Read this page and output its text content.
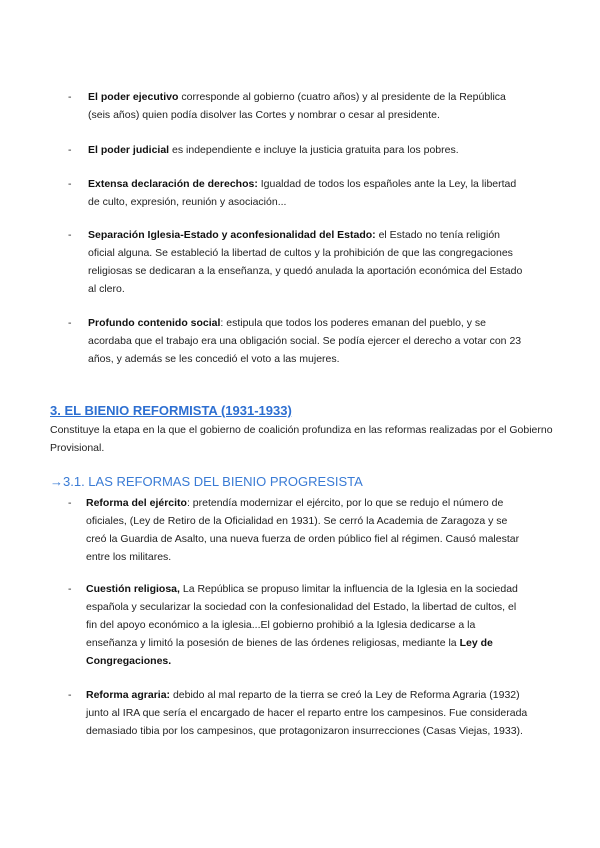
- El poder ejecutivo corresponde al gobierno (cuatro años) y al presidente de la República (seis años) quien podía disolver las Cortes y nombrar o cesar al presidente.
- El poder judicial es independiente e incluye la justicia gratuita para los pobres.
- Extensa declaración de derechos: Igualdad de todos los españoles ante la Ley, la libertad de culto, expresión, reunión y asociación...
- Separación Iglesia-Estado y aconfesionalidad del Estado: el Estado no tenía religión oficial alguna. Se estableció la libertad de cultos y la prohibición de que las congregaciones religiosas se dedicaran a la enseñanza, y quedó anulada la aportación económica del Estado al clero.
- Profundo contenido social: estipula que todos los poderes emanan del pueblo, y se acordaba que el trabajo era una obligación social. Se podía ejercer el derecho a votar con 23 años, y además se les concedió el voto a las mujeres.
3. EL BIENIO REFORMISTA (1931-1933)
Constituye la etapa en la que el gobierno de coalición profundiza en las reformas realizadas por el Gobierno Provisional.
→3.1. LAS REFORMAS DEL BIENIO PROGRESISTA
- Reforma del ejército: pretendía modernizar el ejército, por lo que se redujo el número de oficiales, (Ley de Retiro de la Oficialidad en 1931). Se cerró la Academia de Zaragoza y se creó la Guardia de Asalto, una nueva fuerza de orden público fiel al régimen. Causó malestar entre los militares.
- Cuestión religiosa, La República se propuso limitar la influencia de la Iglesia en la sociedad española y secularizar la sociedad con la confesionalidad del Estado, la libertad de cultos, el fin del apoyo económico a la iglesia...El gobierno prohibió a la Iglesia dedicarse a la enseñanza y limitó la posesión de bienes de las órdenes religiosas, mediante la Ley de Congregaciones.
- Reforma agraria: debido al mal reparto de la tierra se creó la Ley de Reforma Agraria (1932) junto al IRA que sería el encargado de hacer el reparto entre los campesinos. Fue considerada demasiado tibia por los campesinos, que protagonizaron insurrecciones (Casas Viejas, 1933).
